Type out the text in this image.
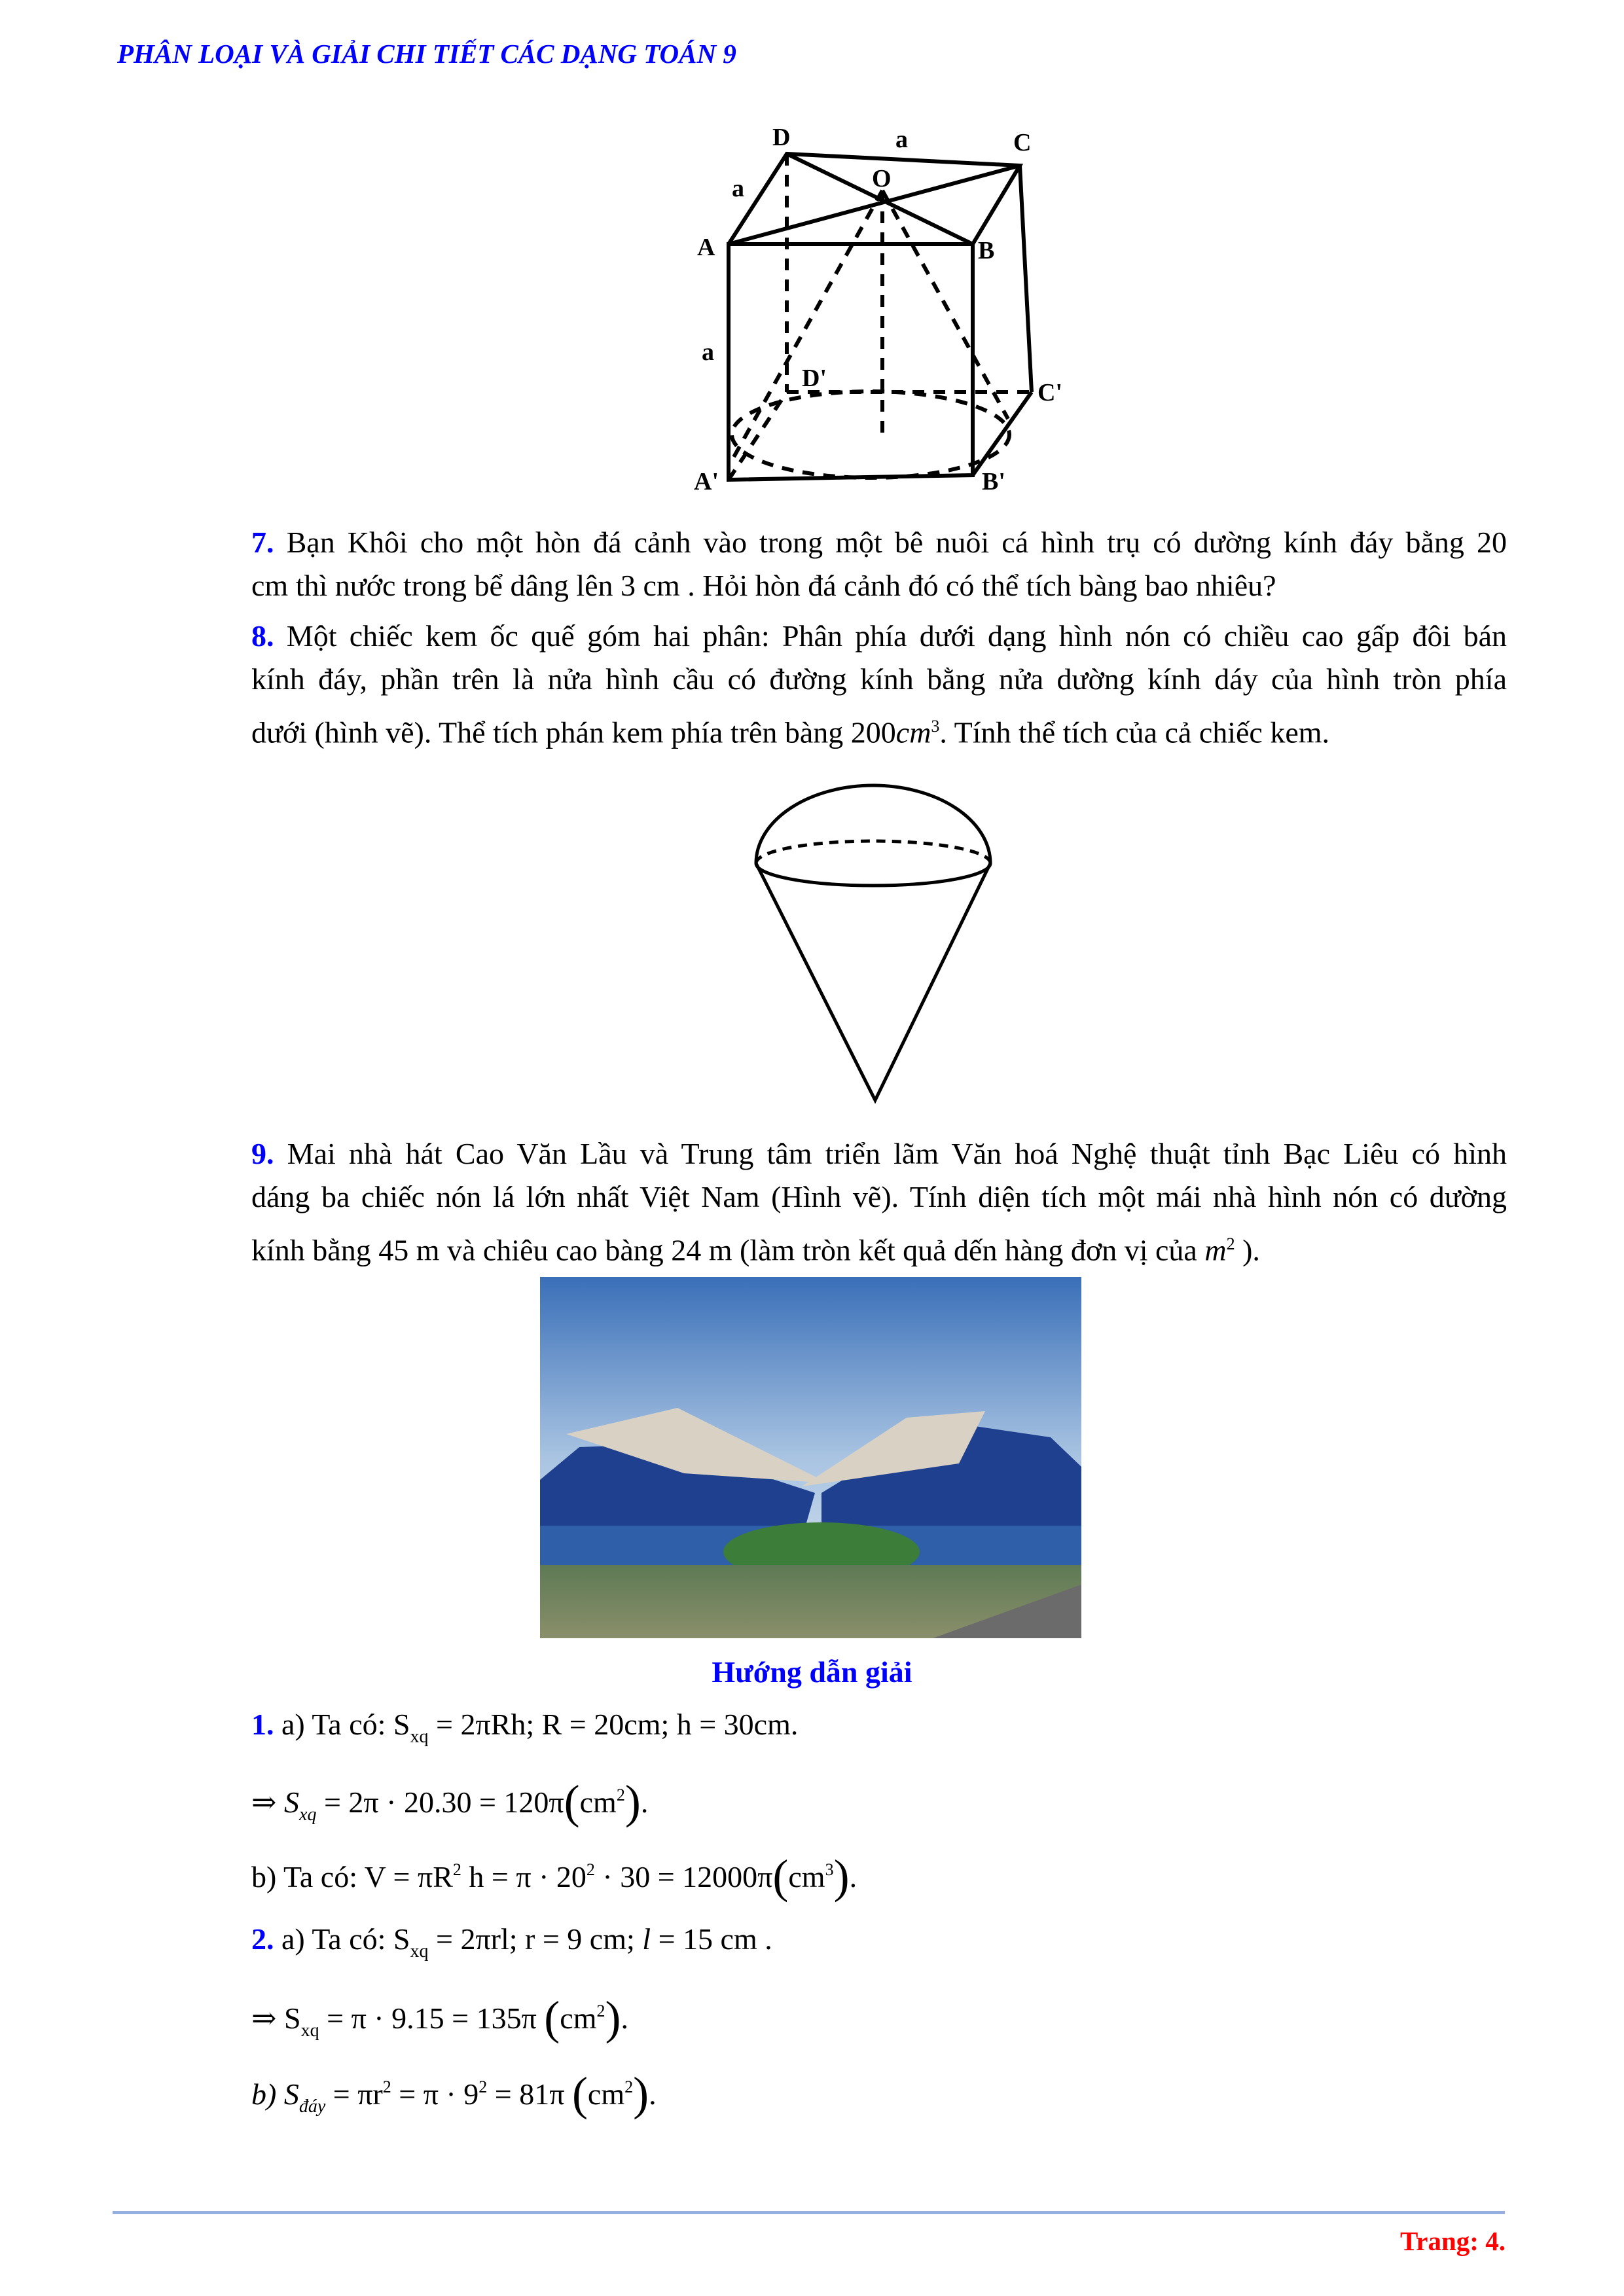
PHÂN LOẠI VÀ GIẢI CHI TIẾT CÁC DẠNG TOÁN 9
D	a	C
a	O
A	B
a
D'
C'
A'	B'
7. Bạn Khôi cho một hòn đá cảnh vào trong một bê nuôi cá hình trụ có dường kính đáy bằng 20
cm thì nước trong bể dâng lên 3 cm . Hỏi hòn đá cảnh đó có thể tích bàng bao nhiêu?
8. Một chiếc kem ốc quế góm hai phân: Phân phía dưới dạng hình nón có chiều cao gấp đôi bán
kính đáy, phần trên là nửa hình cầu có đường kính bằng nửa dường kính dáy của hình tròn phía
dưới (hình vẽ). Thể tích phán kem phía trên bàng $200cm^3$. Tính thể tích của cả chiếc kem.
9. Mai nhà hát Cao Văn Lầu và Trung tâm triển lãm Văn hoá Nghệ thuật tỉnh Bạc Liêu có hình
dáng ba chiếc nón lá lớn nhất Việt Nam (Hình vẽ). Tính diện tích một mái nhà hình nón có dường
kính bằng 45 m và chiêu cao bàng 24 m (làm tròn kết quả dến hàng đơn vị của $m^2$ ).
Hướng dẫn giải
1. a) Ta có: $S_{xq} = 2\pi Rh$; R = 20cm; h = 30cm.
⇒ $S_{xq} = 2\pi \cdot 20.30 = 120\pi(cm^2)$.
b) Ta có: $V = \pi R^2$ $h = \pi \cdot 20^2 \cdot 30 = 12000\pi(cm^3)$.
2. a) Ta có: $S_{xq} = 2\pi rl$; r = 9 cm; l = 15 cm .
⇒ $S_{xq} = \pi \cdot 9.15 = 135\pi$ $(cm^2)$.
b) $S_{đáy} = \pi r^2 = \pi \cdot 9^2 = 81\pi$ $(cm^2)$.
Trang: 4.
